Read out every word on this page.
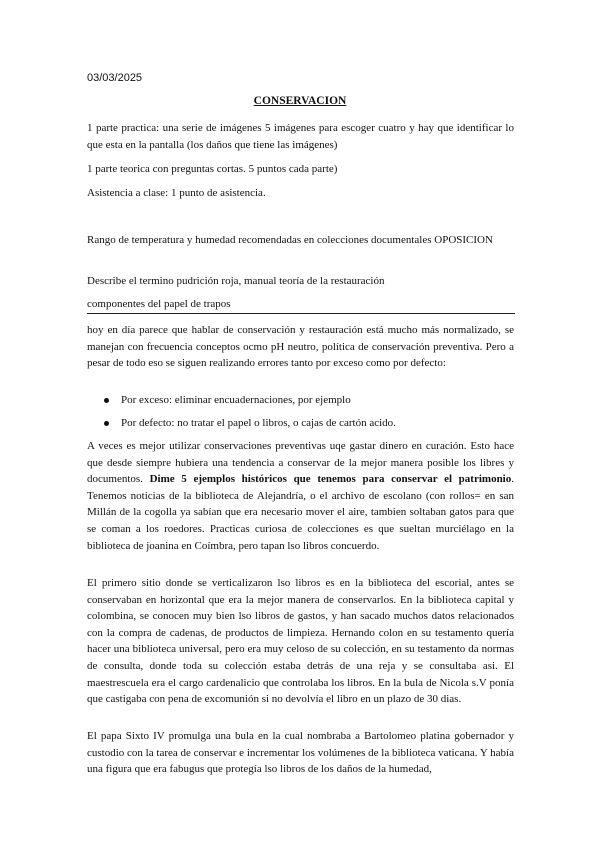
03/03/2025
CONSERVACION
1 parte practica: una serie de imágenes 5 imágenes para escoger cuatro y hay que identificar lo que esta en la pantalla (los daños que tiene las imágenes)
1 parte teorica con preguntas cortas. 5 puntos cada parte)
Asistencia a clase: 1 punto de asistencia.
Rango de temperatura y humedad recomendadas en colecciones documentales OPOSICION
Describe el termino pudrición roja, manual teoría de la restauración
componentes del papel de trapos
hoy en día parece que hablar de conservación y restauración está mucho más normalizado, se manejan con frecuencia conceptos ocmo pH neutro, política de conservación preventiva. Pero a pesar de todo eso se siguen realizando errores tanto por exceso como por defecto:
Por exceso: eliminar encuadernaciones, por ejemplo
Por defecto: no tratar el papel o libros, o cajas de cartón acido.
A veces es mejor utilizar conservaciones preventivas uqe gastar dinero en curación. Esto hace que desde siempre hubiera una tendencia a conservar de la mejor manera posible los libres y documentos. Dime 5 ejemplos históricos que tenemos para conservar el patrimonio. Tenemos noticias de la biblioteca de Alejandría, o el archivo de escolano (con rollos= en san Millán de la cogolla ya sabían que era necesario mover el aire, tambien soltaban gatos para que se coman a los roedores. Practicas curiosa de colecciones es que sueltan murciélago en la biblioteca de joanina en Coímbra, pero tapan lso libros concuerdo.
El primero sitio donde se verticalizaron lso libros es en la biblioteca del escorial, antes se conservaban en horizontal que era la mejor manera de conservarlos. En la biblioteca capital y colombina, se conocen muy bien lso libros de gastos, y han sacado muchos datos relacionados con la compra de cadenas, de productos de limpieza. Hernando colon en su testamento quería hacer una biblioteca universal, pero era muy celoso de su colección, en su testamento da normas de consulta, donde toda su colección estaba detrás de una reja y se consultaba asi. El maestrescuela era el cargo cardenalicio que controlaba los libros. En la bula de Nicola s.V ponía que castigaba con pena de excomunión si no devolvía el libro en un plazo de 30 dias.
El papa Sixto IV promulga una bula en la cual nombraba a Bartolomeo platina gobernador y custodio con la tarea de conservar e incrementar los volúmenes de la biblioteca vaticana. Y había una figura que era fabugus que protegía lso libros de los daños de la humedad,
